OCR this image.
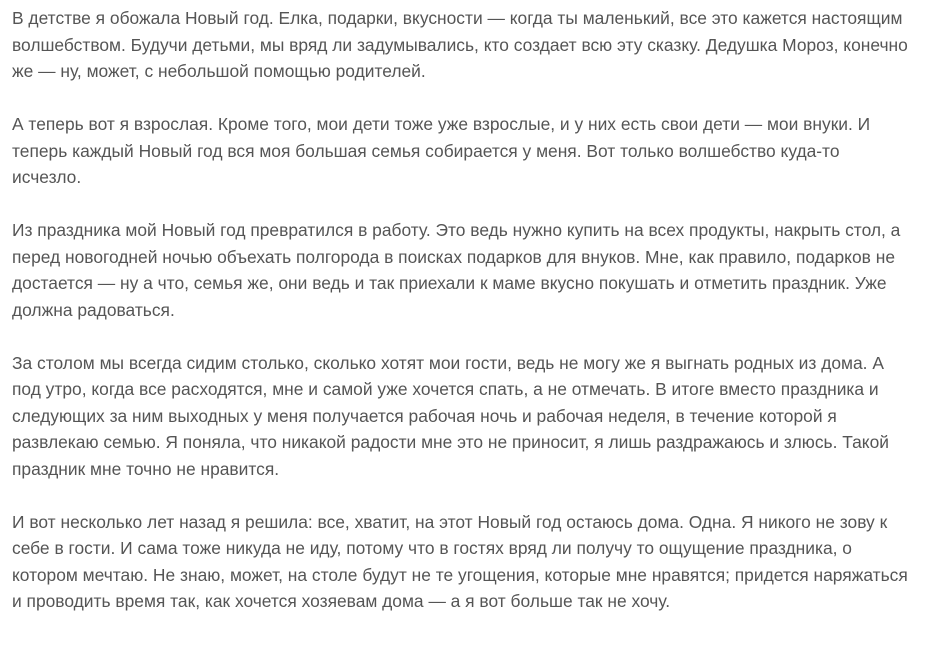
В детстве я обожала Новый год. Елка, подарки, вкусности — когда ты маленький, все это кажется настоящим волшебством. Будучи детьми, мы вряд ли задумывались, кто создает всю эту сказку. Дедушка Мороз, конечно же — ну, может, с небольшой помощью родителей.

А теперь вот я взрослая. Кроме того, мои дети тоже уже взрослые, и у них есть свои дети — мои внуки. И теперь каждый Новый год вся моя большая семья собирается у меня. Вот только волшебство куда-то исчезло.

Из праздника мой Новый год превратился в работу. Это ведь нужно купить на всех продукты, накрыть стол, а перед новогодней ночью объехать полгорода в поисках подарков для внуков. Мне, как правило, подарков не достается — ну а что, семья же, они ведь и так приехали к маме вкусно покушать и отметить праздник. Уже должна радоваться.

За столом мы всегда сидим столько, сколько хотят мои гости, ведь не могу же я выгнать родных из дома. А под утро, когда все расходятся, мне и самой уже хочется спать, а не отмечать. В итоге вместо праздника и следующих за ним выходных у меня получается рабочая ночь и рабочая неделя, в течение которой я развлекаю семью. Я поняла, что никакой радости мне это не приносит, я лишь раздражаюсь и злюсь. Такой праздник мне точно не нравится.

И вот несколько лет назад я решила: все, хватит, на этот Новый год остаюсь дома. Одна. Я никого не зову к себе в гости. И сама тоже никуда не иду, потому что в гостях вряд ли получу то ощущение праздника, о котором мечтаю. Не знаю, может, на столе будут не те угощения, которые мне нравятся; придется наряжаться и проводить время так, как хочется хозяевам дома — а я вот больше так не хочу.
